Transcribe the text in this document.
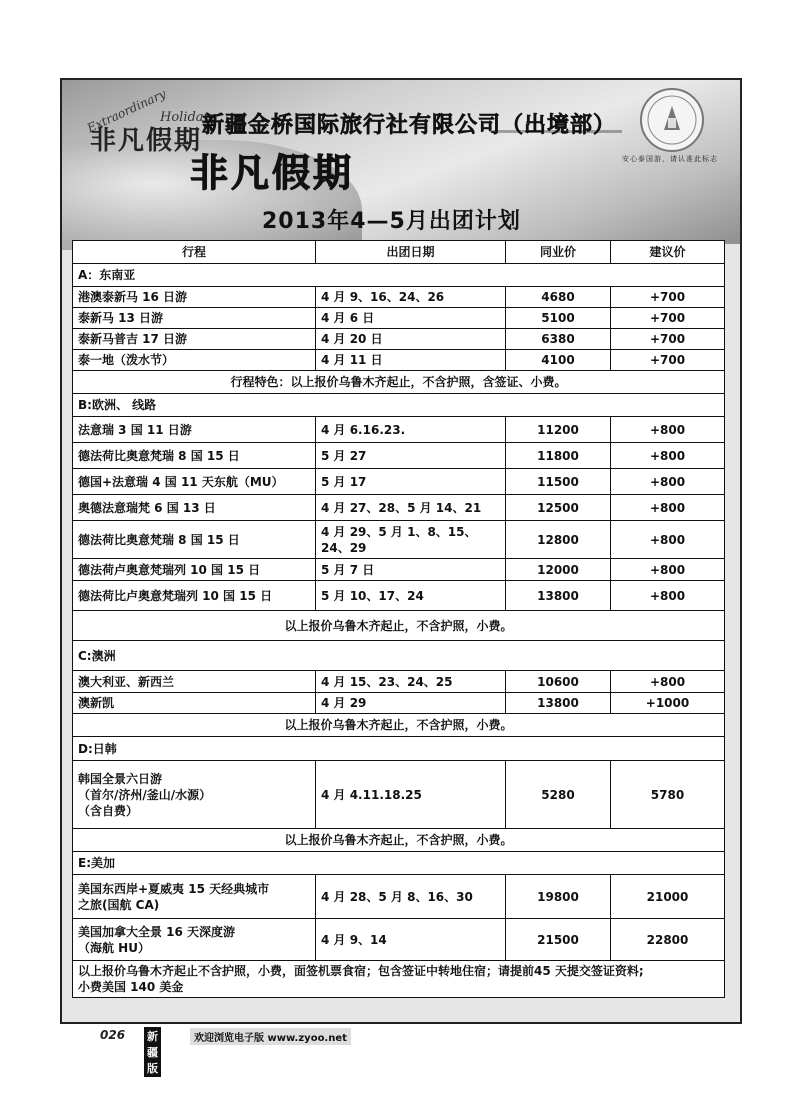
Extraordinary
Holidays
非凡假期
新疆金桥国际旅行社有限公司（出境部）
非凡假期
2013年4—5月出团计划
安心泰国游，请认准此标志
行程	出团日期	同业价	建议价
A：东南亚			
港澳泰新马 16 日游	4 月 9、16、24、26	4680	+700
泰新马 13 日游	4 月 6 日	5100	+700
泰新马普吉 17 日游	4 月 20 日	6380	+700
泰一地（泼水节）	4 月 11 日	4100	+700
行程特色：以上报价乌鲁木齐起止，不含护照，含签证、小费。			
B:欧洲、 线路			
法意瑞 3 国 11 日游	4 月 6.16.23.	11200	+800
德法荷比奥意梵瑞 8 国 15 日	5 月 27	11800	+800
德国+法意瑞 4 国 11 天东航（MU）	5 月 17	11500	+800
奥德法意瑞梵 6 国 13 日	4 月 27、28、5 月 14、21	12500	+800
德法荷比奥意梵瑞 8 国 15 日	4 月 29、5 月 1、8、15、24、29	12800	+800
德法荷卢奥意梵瑞列 10 国 15 日	5 月 7 日	12000	+800
德法荷比卢奥意梵瑞列 10 国 15 日	5 月 10、17、24	13800	+800
以上报价乌鲁木齐起止，不含护照，小费。			
C:澳洲			
澳大利亚、新西兰	4 月 15、23、24、25	10600	+800
澳新凯	4 月 29	13800	+1000
以上报价乌鲁木齐起止，不含护照，小费。			
D:日韩			

韩国全景六日游
（首尔/济州/釜山/水源）
（含自费）	4 月 4.11.18.25	5280	5780
以上报价乌鲁木齐起止，不含护照，小费。			
E:美加			

美国东西岸+夏威夷 15 天经典城市
之旅(国航 CA)	4 月 28、5 月 8、16、30	19800	21000

美国加拿大全景 16 天深度游
（海航 HU）	4 月 9、14	21500	22800

以上报价乌鲁木齐起止不含护照，小费，面签机票食宿；包含签证中转地住宿；请提前45 天提交签证资料;
小费美国 140 美金			
026 新疆版
欢迎浏览电子版 www.zyoo.net
